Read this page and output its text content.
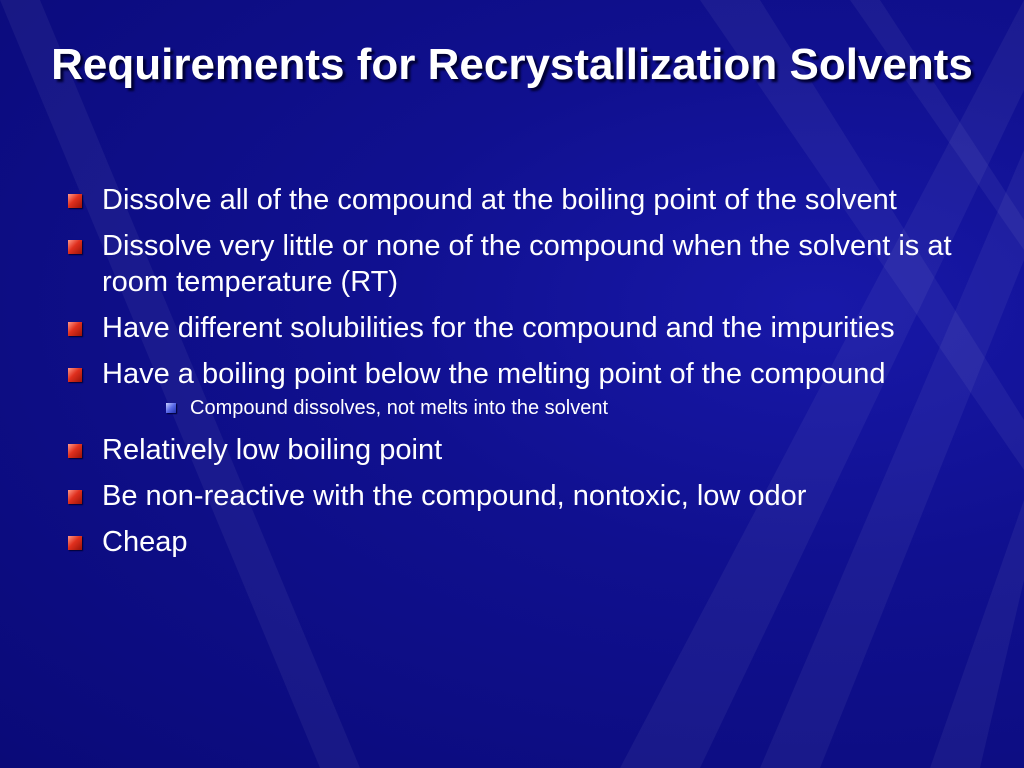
Requirements for Recrystallization Solvents
Dissolve all of the compound at the boiling point of the solvent
Dissolve very little or none of the compound when the solvent is at room temperature (RT)
Have different solubilities for the compound and the impurities
Have a boiling point below the melting point of the compound
Compound dissolves, not melts into the solvent
Relatively low boiling point
Be non-reactive with the compound, nontoxic, low odor
Cheap
